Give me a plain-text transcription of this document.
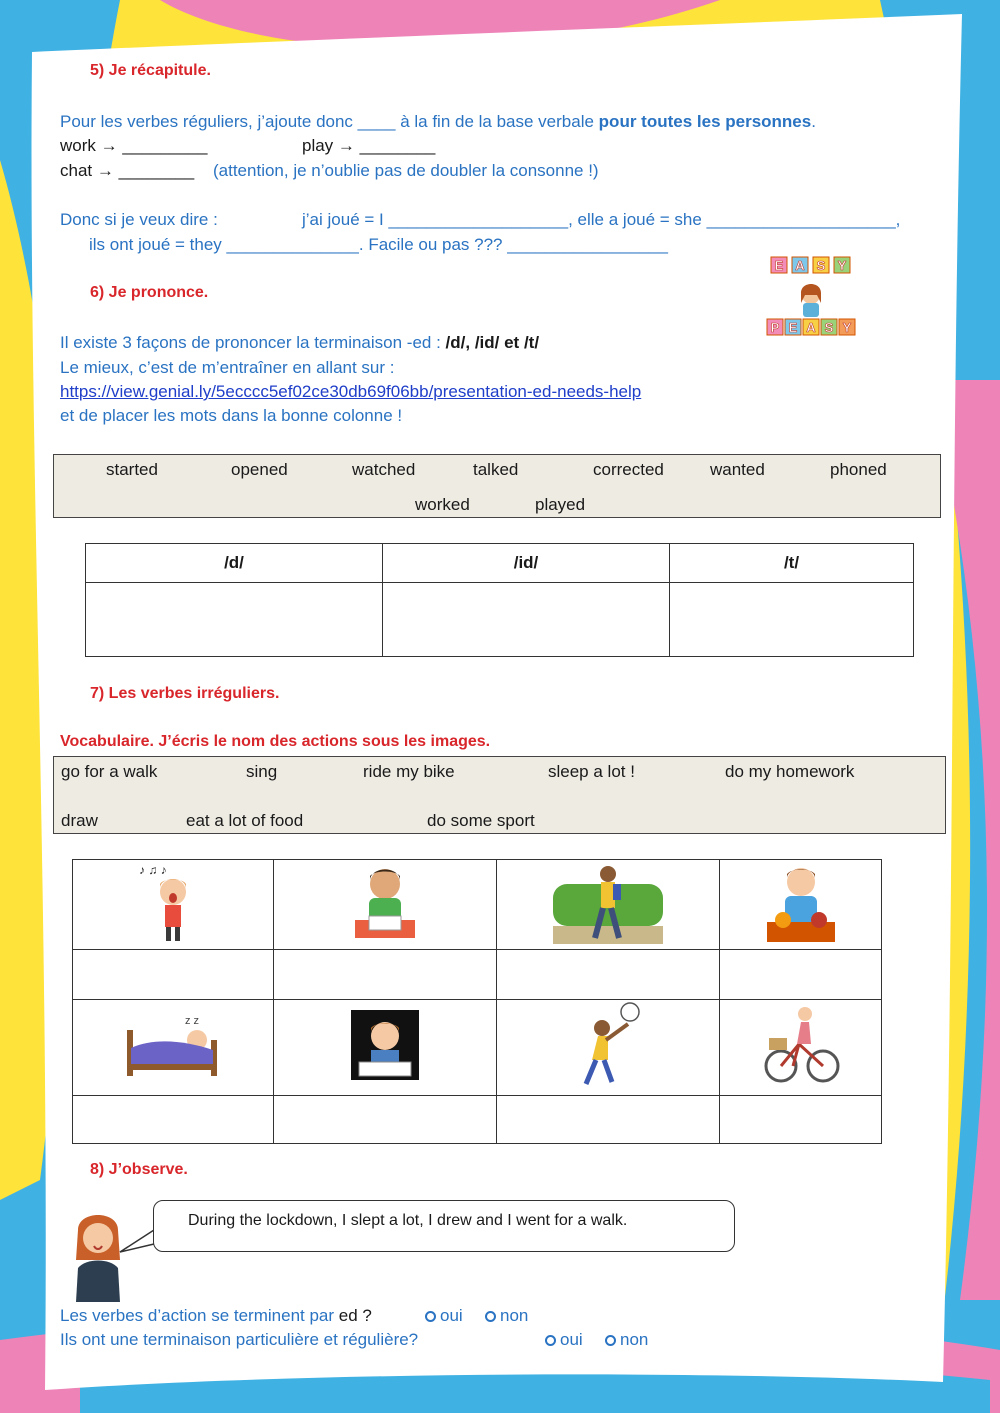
5) Je récapitule.
Pour les verbes réguliers, j’ajoute donc ____ à la fin de la base verbale pour toutes les personnes.
work → _________	play → ________
chat → ________ (attention, je n’oublie pas de doubler la consonne !)
Donc si je veux dire :	j’ai joué = I ___________________, elle a joué = she ____________________,
ils ont joué = they ______________. Facile ou pas ??? _________________
E A S Y
P E A S Y
6) Je prononce.
Il existe 3 façons de prononcer la terminaison -ed : /d/, /id/ et /t/
Le mieux, c’est de m’entraîner en allant sur :
https://view.genial.ly/5ecccc5ef02ce30db69f06bb/presentation-ed-needs-help
et de placer les mots dans la bonne colonne !
started	opened	watched	talked	corrected	wanted	phoned
worked	played
/d/	/id/	/t/

7) Les verbes irréguliers.
Vocabulaire. J’écris le nom des actions sous les images.
go for a walk	sing	ride my bike	sleep a lot !	do my homework
draw	eat a lot of food	do some sport
♪ ♫ ♪

z z

8) J’observe.
During the lockdown, I slept a lot, I drew and I went for a walk.
Les verbes d’action se terminent par ed ?	oui	non
Ils ont une terminaison particulière et régulière?	oui	non
